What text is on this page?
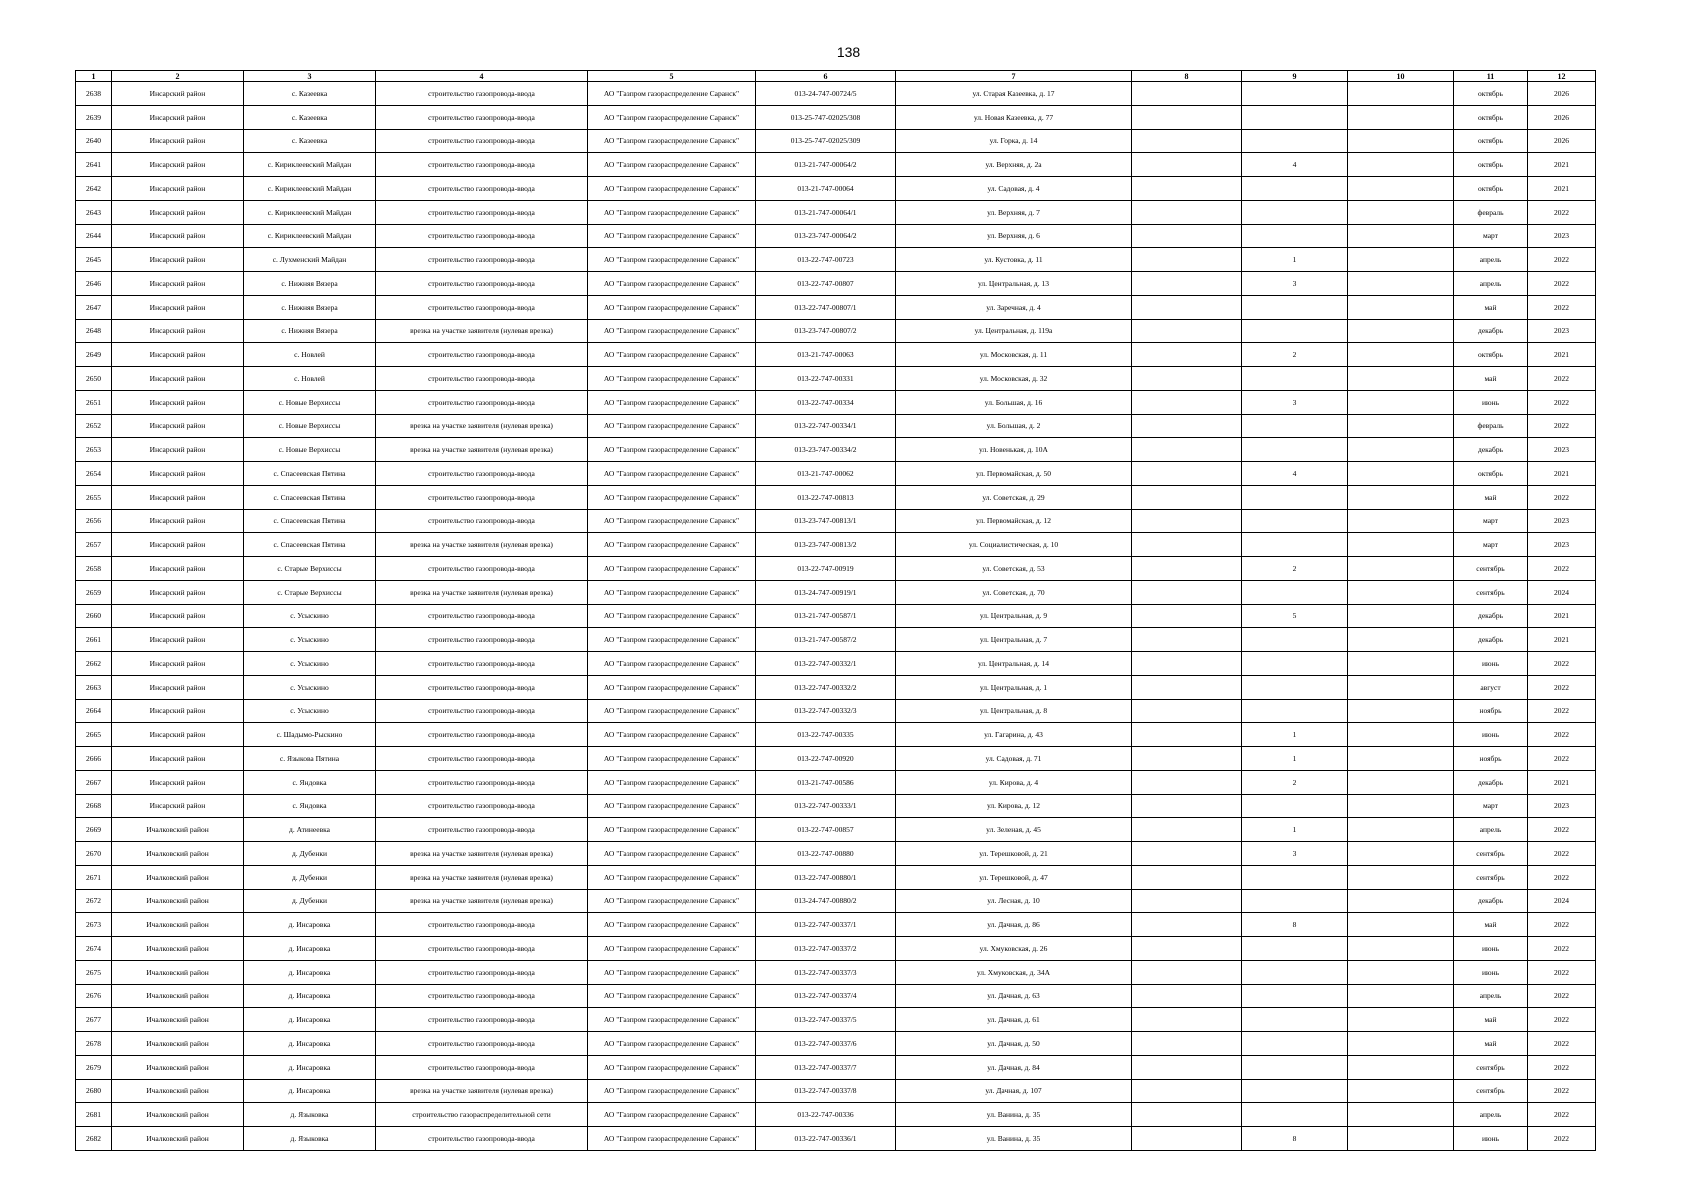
138
1	2	3	4	5	6	7	8	9	10	11	12
2638	Инсарский район	с. Казеевка	строительство газопровода-ввода	АО "Газпром газораспределение Саранск"	013-24-747-00724/5	ул. Старая Казеевка, д. 17				октябрь	2026
2639	Инсарский район	с. Казеевка	строительство газопровода-ввода	АО "Газпром газораспределение Саранск"	013-25-747-02025/308	ул. Новая Казеевка, д. 77				октябрь	2026
2640	Инсарский район	с. Казеевка	строительство газопровода-ввода	АО "Газпром газораспределение Саранск"	013-25-747-02025/309	ул. Горка, д. 14				октябрь	2026
2641	Инсарский район	с. Кириклеевский Майдан	строительство газопровода-ввода	АО "Газпром газораспределение Саранск"	013-21-747-00064/2	ул. Верхняя, д. 2а		4		октябрь	2021
2642	Инсарский район	с. Кириклеевский Майдан	строительство газопровода-ввода	АО "Газпром газораспределение Саранск"	013-21-747-00064	ул. Садовая, д. 4				октябрь	2021
2643	Инсарский район	с. Кириклеевский Майдан	строительство газопровода-ввода	АО "Газпром газораспределение Саранск"	013-21-747-00064/1	ул. Верхняя, д. 7				февраль	2022
2644	Инсарский район	с. Кириклеевский Майдан	строительство газопровода-ввода	АО "Газпром газораспределение Саранск"	013-23-747-00064/2	ул. Верхняя, д. 6				март	2023
2645	Инсарский район	с. Лухменский Майдан	строительство газопровода-ввода	АО "Газпром газораспределение Саранск"	013-22-747-00723	ул. Кустовка, д. 11		1		апрель	2022
2646	Инсарский район	с. Нижняя Вязера	строительство газопровода-ввода	АО "Газпром газораспределение Саранск"	013-22-747-00807	ул. Центральная, д. 13		3		апрель	2022
2647	Инсарский район	с. Нижняя Вязера	строительство газопровода-ввода	АО "Газпром газораспределение Саранск"	013-22-747-00807/1	ул. Заречная, д. 4				май	2022
2648	Инсарский район	с. Нижняя Вязера	врезка на участке заявителя (нулевая врезка)	АО "Газпром газораспределение Саранск"	013-23-747-00807/2	ул. Центральная, д. 119а				декабрь	2023
2649	Инсарский район	с. Новлей	строительство газопровода-ввода	АО "Газпром газораспределение Саранск"	013-21-747-00063	ул. Московская, д. 11		2		октябрь	2021
2650	Инсарский район	с. Новлей	строительство газопровода-ввода	АО "Газпром газораспределение Саранск"	013-22-747-00331	ул. Московская, д. 32				май	2022
2651	Инсарский район	с. Новые Верхиссы	строительство газопровода-ввода	АО "Газпром газораспределение Саранск"	013-22-747-00334	ул. Большая, д. 16		3		июнь	2022
2652	Инсарский район	с. Новые Верхиссы	врезка на участке заявителя (нулевая врезка)	АО "Газпром газораспределение Саранск"	013-22-747-00334/1	ул. Большая, д. 2				февраль	2022
2653	Инсарский район	с. Новые Верхиссы	врезка на участке заявителя (нулевая врезка)	АО "Газпром газораспределение Саранск"	013-23-747-00334/2	ул. Новенькая, д. 10А				декабрь	2023
2654	Инсарский район	с. Спасеевская Пятина	строительство газопровода-ввода	АО "Газпром газораспределение Саранск"	013-21-747-00062	ул. Первомайская, д. 50		4		октябрь	2021
2655	Инсарский район	с. Спасеевская Пятина	строительство газопровода-ввода	АО "Газпром газораспределение Саранск"	013-22-747-00813	ул. Советская, д. 29				май	2022
2656	Инсарский район	с. Спасеевская Пятина	строительство газопровода-ввода	АО "Газпром газораспределение Саранск"	013-23-747-00813/1	ул. Первомайская, д. 12				март	2023
2657	Инсарский район	с. Спасеевская Пятина	врезка на участке заявителя (нулевая врезка)	АО "Газпром газораспределение Саранск"	013-23-747-00813/2	ул. Социалистическая, д. 10				март	2023
2658	Инсарский район	с. Старые Верхиссы	строительство газопровода-ввода	АО "Газпром газораспределение Саранск"	013-22-747-00919	ул. Советская, д. 53		2		сентябрь	2022
2659	Инсарский район	с. Старые Верхиссы	врезка на участке заявителя (нулевая врезка)	АО "Газпром газораспределение Саранск"	013-24-747-00919/1	ул. Советская, д. 70				сентябрь	2024
2660	Инсарский район	с. Усыскино	строительство газопровода-ввода	АО "Газпром газораспределение Саранск"	013-21-747-00587/1	ул. Центральная, д. 9		5		декабрь	2021
2661	Инсарский район	с. Усыскино	строительство газопровода-ввода	АО "Газпром газораспределение Саранск"	013-21-747-00587/2	ул. Центральная, д. 7				декабрь	2021
2662	Инсарский район	с. Усыскино	строительство газопровода-ввода	АО "Газпром газораспределение Саранск"	013-22-747-00332/1	ул. Центральная, д. 14				июнь	2022
2663	Инсарский район	с. Усыскино	строительство газопровода-ввода	АО "Газпром газораспределение Саранск"	013-22-747-00332/2	ул. Центральная, д. 1				август	2022
2664	Инсарский район	с. Усыскино	строительство газопровода-ввода	АО "Газпром газораспределение Саранск"	013-22-747-00332/3	ул. Центральная, д. 8				ноябрь	2022
2665	Инсарский район	с. Шадымо-Рыскино	строительство газопровода-ввода	АО "Газпром газораспределение Саранск"	013-22-747-00335	ул. Гагарина, д. 43		1		июнь	2022
2666	Инсарский район	с. Языкова Пятина	строительство газопровода-ввода	АО "Газпром газораспределение Саранск"	013-22-747-00920	ул. Садовая, д. 71		1		ноябрь	2022
2667	Инсарский район	с. Яндовка	строительство газопровода-ввода	АО "Газпром газораспределение Саранск"	013-21-747-00586	ул. Кирова, д. 4		2		декабрь	2021
2668	Инсарский район	с. Яндовка	строительство газопровода-ввода	АО "Газпром газораспределение Саранск"	013-22-747-00333/1	ул. Кирова, д. 12				март	2023
2669	Ичалковский район	д. Атинеевка	строительство газопровода-ввода	АО "Газпром газораспределение Саранск"	013-22-747-00857	ул. Зеленая, д. 45		1		апрель	2022
2670	Ичалковский район	д. Дубенки	врезка на участке заявителя (нулевая врезка)	АО "Газпром газораспределение Саранск"	013-22-747-00880	ул. Терешковой, д. 21		3		сентябрь	2022
2671	Ичалковский район	д. Дубенки	врезка на участке заявителя (нулевая врезка)	АО "Газпром газораспределение Саранск"	013-22-747-00880/1	ул. Терешковой, д. 47				сентябрь	2022
2672	Ичалковский район	д. Дубенки	врезка на участке заявителя (нулевая врезка)	АО "Газпром газораспределение Саранск"	013-24-747-00880/2	ул. Лесная, д. 10				декабрь	2024
2673	Ичалковский район	д. Инсаровка	строительство газопровода-ввода	АО "Газпром газораспределение Саранск"	013-22-747-00337/1	ул. Дачная, д. 86		8		май	2022
2674	Ичалковский район	д. Инсаровка	строительство газопровода-ввода	АО "Газпром газораспределение Саранск"	013-22-747-00337/2	ул. Хмуковская, д. 26				июнь	2022
2675	Ичалковский район	д. Инсаровка	строительство газопровода-ввода	АО "Газпром газораспределение Саранск"	013-22-747-00337/3	ул. Хмуковская, д. 34А				июнь	2022
2676	Ичалковский район	д. Инсаровка	строительство газопровода-ввода	АО "Газпром газораспределение Саранск"	013-22-747-00337/4	ул. Дачная, д. 63				апрель	2022
2677	Ичалковский район	д. Инсаровка	строительство газопровода-ввода	АО "Газпром газораспределение Саранск"	013-22-747-00337/5	ул. Дачная, д. 61				май	2022
2678	Ичалковский район	д. Инсаровка	строительство газопровода-ввода	АО "Газпром газораспределение Саранск"	013-22-747-00337/6	ул. Дачная, д. 50				май	2022
2679	Ичалковский район	д. Инсаровка	строительство газопровода-ввода	АО "Газпром газораспределение Саранск"	013-22-747-00337/7	ул. Дачная, д. 84				сентябрь	2022
2680	Ичалковский район	д. Инсаровка	врезка на участке заявителя (нулевая врезка)	АО "Газпром газораспределение Саранск"	013-22-747-00337/8	ул. Дачная, д. 107				сентябрь	2022
2681	Ичалковский район	д. Языковка	строительство газораспределительной сети	АО "Газпром газораспределение Саранск"	013-22-747-00336	ул. Ванина, д. 35				апрель	2022
2682	Ичалковский район	д. Языковка	строительство газопровода-ввода	АО "Газпром газораспределение Саранск"	013-22-747-00336/1	ул. Ванина, д. 35		8		июнь	2022
